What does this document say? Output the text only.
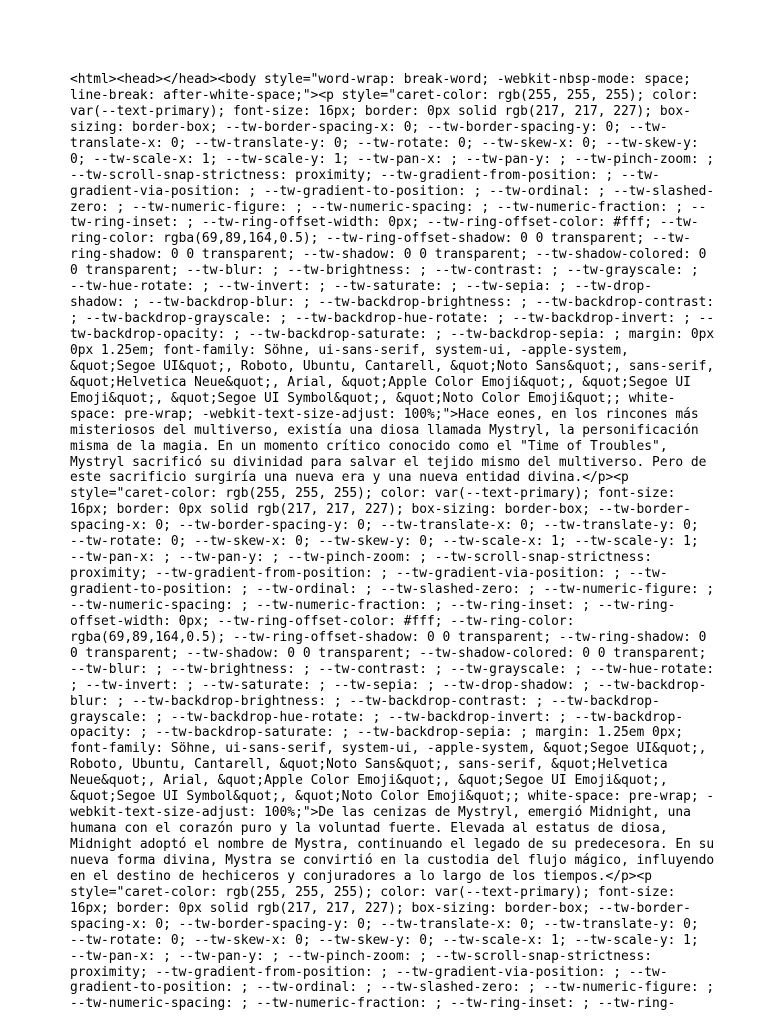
<html><head></head><body style="word-wrap: break-word; -webkit-nbsp-mode: space;
line-break: after-white-space;"><p style="caret-color: rgb(255, 255, 255); color:
var(--text-primary); font-size: 16px; border: 0px solid rgb(217, 217, 227); box-
sizing: border-box; --tw-border-spacing-x: 0; --tw-border-spacing-y: 0; --tw-
translate-x: 0; --tw-translate-y: 0; --tw-rotate: 0; --tw-skew-x: 0; --tw-skew-y:
0; --tw-scale-x: 1; --tw-scale-y: 1; --tw-pan-x: ; --tw-pan-y: ; --tw-pinch-zoom: ;
--tw-scroll-snap-strictness: proximity; --tw-gradient-from-position: ; --tw-
gradient-via-position: ; --tw-gradient-to-position: ; --tw-ordinal: ; --tw-slashed-
zero: ; --tw-numeric-figure: ; --tw-numeric-spacing: ; --tw-numeric-fraction: ; --
tw-ring-inset: ; --tw-ring-offset-width: 0px; --tw-ring-offset-color: #fff; --tw-
ring-color: rgba(69,89,164,0.5); --tw-ring-offset-shadow: 0 0 transparent; --tw-
ring-shadow: 0 0 transparent; --tw-shadow: 0 0 transparent; --tw-shadow-colored: 0
0 transparent; --tw-blur: ; --tw-brightness: ; --tw-contrast: ; --tw-grayscale: ;
--tw-hue-rotate: ; --tw-invert: ; --tw-saturate: ; --tw-sepia: ; --tw-drop-
shadow: ; --tw-backdrop-blur: ; --tw-backdrop-brightness: ; --tw-backdrop-contrast:
; --tw-backdrop-grayscale: ; --tw-backdrop-hue-rotate: ; --tw-backdrop-invert: ; --
tw-backdrop-opacity: ; --tw-backdrop-saturate: ; --tw-backdrop-sepia: ; margin: 0px
0px 1.25em; font-family: Söhne, ui-sans-serif, system-ui, -apple-system,
&quot;Segoe UI&quot;, Roboto, Ubuntu, Cantarell, &quot;Noto Sans&quot;, sans-serif,
&quot;Helvetica Neue&quot;, Arial, &quot;Apple Color Emoji&quot;, &quot;Segoe UI
Emoji&quot;, &quot;Segoe UI Symbol&quot;, &quot;Noto Color Emoji&quot;; white-
space: pre-wrap; -webkit-text-size-adjust: 100%;">Hace eones, en los rincones más
misteriosos del multiverso, existía una diosa llamada Mystryl, la personificación
misma de la magia. En un momento crítico conocido como el "Time of Troubles",
Mystryl sacrificó su divinidad para salvar el tejido mismo del multiverso. Pero de
este sacrificio surgiría una nueva era y una nueva entidad divina.</p><p
style="caret-color: rgb(255, 255, 255); color: var(--text-primary); font-size:
16px; border: 0px solid rgb(217, 217, 227); box-sizing: border-box; --tw-border-
spacing-x: 0; --tw-border-spacing-y: 0; --tw-translate-x: 0; --tw-translate-y: 0;
--tw-rotate: 0; --tw-skew-x: 0; --tw-skew-y: 0; --tw-scale-x: 1; --tw-scale-y: 1;
--tw-pan-x: ; --tw-pan-y: ; --tw-pinch-zoom: ; --tw-scroll-snap-strictness:
proximity; --tw-gradient-from-position: ; --tw-gradient-via-position: ; --tw-
gradient-to-position: ; --tw-ordinal: ; --tw-slashed-zero: ; --tw-numeric-figure: ;
--tw-numeric-spacing: ; --tw-numeric-fraction: ; --tw-ring-inset: ; --tw-ring-
offset-width: 0px; --tw-ring-offset-color: #fff; --tw-ring-color:
rgba(69,89,164,0.5); --tw-ring-offset-shadow: 0 0 transparent; --tw-ring-shadow: 0
0 transparent; --tw-shadow: 0 0 transparent; --tw-shadow-colored: 0 0 transparent;
--tw-blur: ; --tw-brightness: ; --tw-contrast: ; --tw-grayscale: ; --tw-hue-rotate:
; --tw-invert: ; --tw-saturate: ; --tw-sepia: ; --tw-drop-shadow: ; --tw-backdrop-
blur: ; --tw-backdrop-brightness: ; --tw-backdrop-contrast: ; --tw-backdrop-
grayscale: ; --tw-backdrop-hue-rotate: ; --tw-backdrop-invert: ; --tw-backdrop-
opacity: ; --tw-backdrop-saturate: ; --tw-backdrop-sepia: ; margin: 1.25em 0px;
font-family: Söhne, ui-sans-serif, system-ui, -apple-system, &quot;Segoe UI&quot;,
Roboto, Ubuntu, Cantarell, &quot;Noto Sans&quot;, sans-serif, &quot;Helvetica
Neue&quot;, Arial, &quot;Apple Color Emoji&quot;, &quot;Segoe UI Emoji&quot;,
&quot;Segoe UI Symbol&quot;, &quot;Noto Color Emoji&quot;; white-space: pre-wrap; -
webkit-text-size-adjust: 100%;">De las cenizas de Mystryl, emergió Midnight, una
humana con el corazón puro y la voluntad fuerte. Elevada al estatus de diosa,
Midnight adoptó el nombre de Mystra, continuando el legado de su predecesora. En su
nueva forma divina, Mystra se convirtió en la custodia del flujo mágico, influyendo
en el destino de hechiceros y conjuradores a lo largo de los tiempos.</p><p
style="caret-color: rgb(255, 255, 255); color: var(--text-primary); font-size:
16px; border: 0px solid rgb(217, 217, 227); box-sizing: border-box; --tw-border-
spacing-x: 0; --tw-border-spacing-y: 0; --tw-translate-x: 0; --tw-translate-y: 0;
--tw-rotate: 0; --tw-skew-x: 0; --tw-skew-y: 0; --tw-scale-x: 1; --tw-scale-y: 1;
--tw-pan-x: ; --tw-pan-y: ; --tw-pinch-zoom: ; --tw-scroll-snap-strictness:
proximity; --tw-gradient-from-position: ; --tw-gradient-via-position: ; --tw-
gradient-to-position: ; --tw-ordinal: ; --tw-slashed-zero: ; --tw-numeric-figure: ;
--tw-numeric-spacing: ; --tw-numeric-fraction: ; --tw-ring-inset: ; --tw-ring-
